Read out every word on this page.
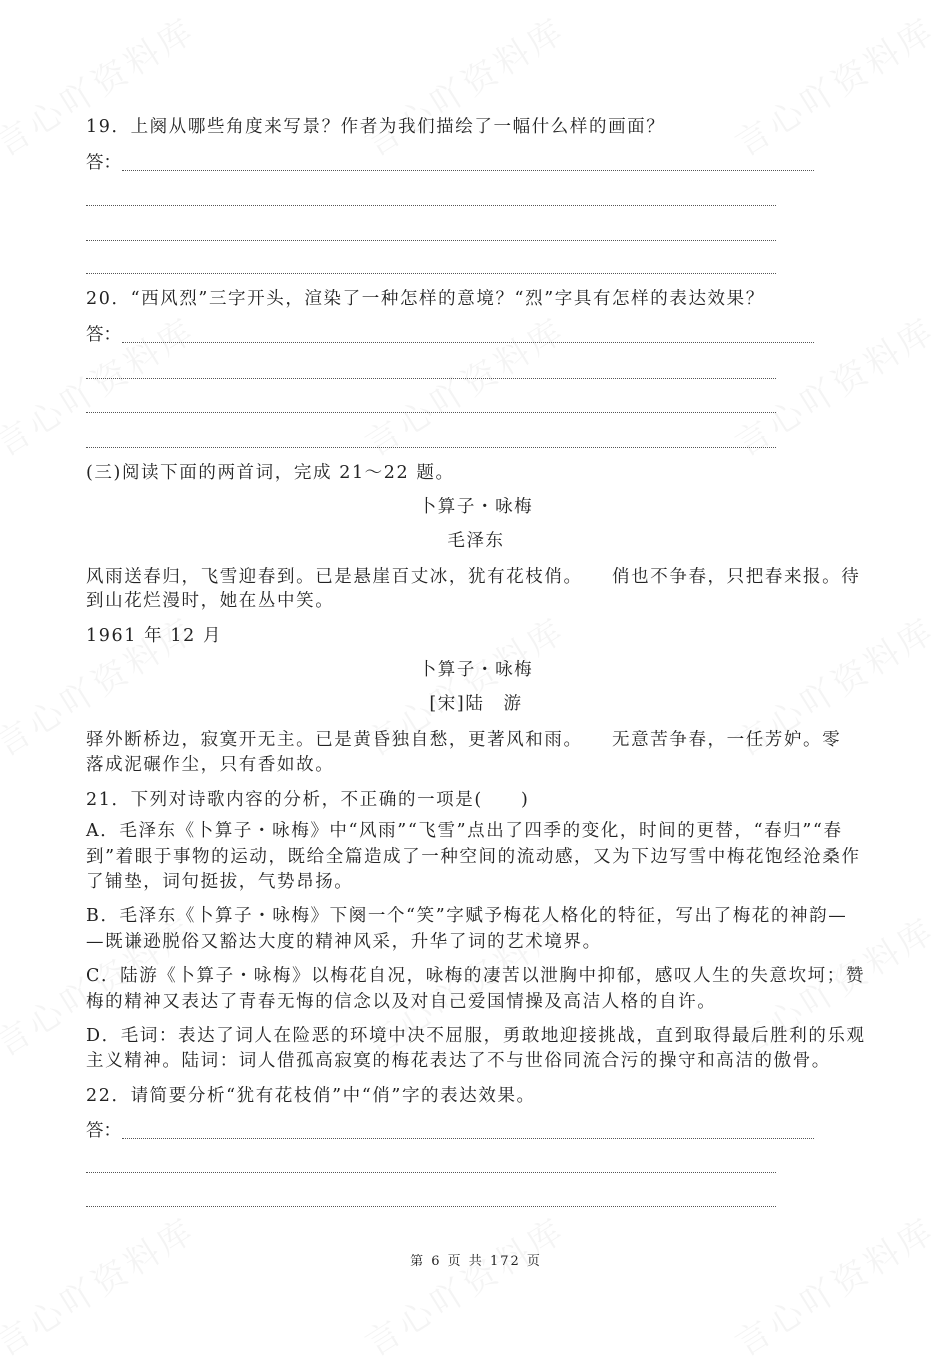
19．上阕从哪些角度来写景？作者为我们描绘了一幅什么样的画面？
答：
20．“西风烈”三字开头，渲染了一种怎样的意境？“烈”字具有怎样的表达效果？
答：
(三)阅读下面的两首词，完成 21～22 题。
卜算子・咏梅
毛泽东
风雨送春归，飞雪迎春到。已是悬崖百丈冰，犹有花枝俏。　　俏也不争春，只把春来报。待
到山花烂漫时，她在丛中笑。
1961 年 12 月
卜算子・咏梅
[宋]陆　游
驿外断桥边，寂寞开无主。已是黄昏独自愁，更著风和雨。　　无意苦争春，一任芳妒。零
落成泥碾作尘，只有香如故。
21．下列对诗歌内容的分析，不正确的一项是(　　)
A．毛泽东《卜算子・咏梅》中“风雨”“飞雪”点出了四季的变化，时间的更替，“春归”“春
到”着眼于事物的运动，既给全篇造成了一种空间的流动感，又为下边写雪中梅花饱经沧桑作
了铺垫，词句挺拔，气势昂扬。
B．毛泽东《卜算子・咏梅》下阕一个“笑”字赋予梅花人格化的特征，写出了梅花的神韵—
—既谦逊脱俗又豁达大度的精神风采，升华了词的艺术境界。
C．陆游《卜算子・咏梅》以梅花自况，咏梅的凄苦以泄胸中抑郁，感叹人生的失意坎坷；赞
梅的精神又表达了青春无悔的信念以及对自己爱国情操及高洁人格的自许。
D．毛词：表达了词人在险恶的环境中决不屈服，勇敢地迎接挑战，直到取得最后胜利的乐观
主义精神。陆词：词人借孤高寂寞的梅花表达了不与世俗同流合污的操守和高洁的傲骨。
22．请简要分析“犹有花枝俏”中“俏”字的表达效果。
答：
第 6 页 共 172 页
